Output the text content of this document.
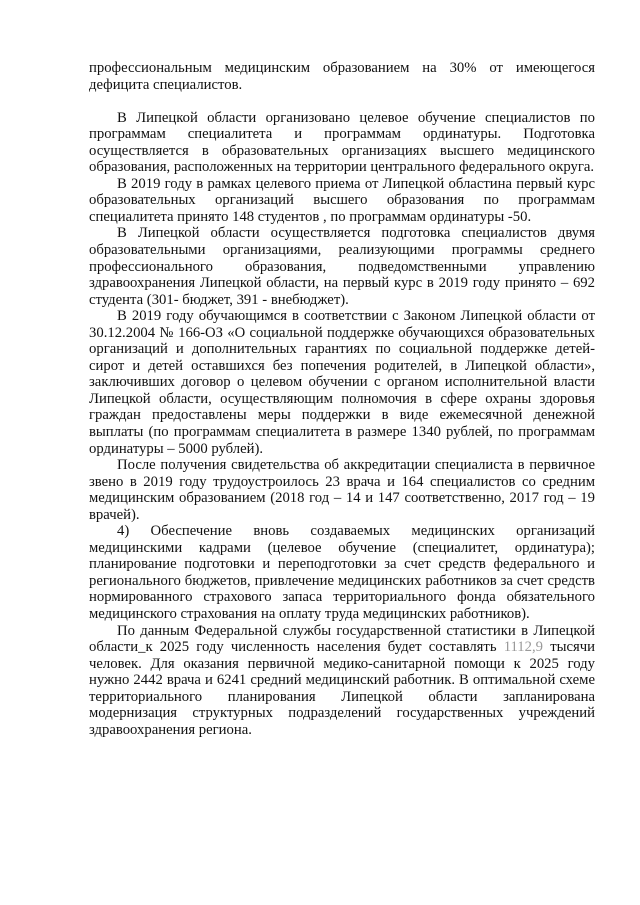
профессиональным медицинским образованием на 30% от имеющегося дефицита специалистов.

В Липецкой области организовано целевое обучение специалистов по программам специалитета и программам ординатуры. Подготовка осуществляется в образовательных организациях высшего медицинского образования, расположенных на территории центрального федерального округа.

В 2019 году в рамках целевого приема от Липецкой областина первый курс образовательных организаций высшего образования по программам специалитета принято 148 студентов , по программам ординатуры -50.

В Липецкой области осуществляется подготовка специалистов двумя образовательными организациями, реализующими программы среднего профессионального образования, подведомственными управлению здравоохранения Липецкой области, на первый курс в 2019 году принято – 692 студента (301- бюджет, 391 - внебюджет).

В 2019 году обучающимся в соответствии с Законом Липецкой области от 30.12.2004 № 166-ОЗ «О социальной поддержке обучающихся образовательных организаций и дополнительных гарантиях по социальной поддержке детей-сирот и детей оставшихся без попечения родителей, в Липецкой области», заключивших договор о целевом обучении с органом исполнительной власти Липецкой области, осуществляющим полномочия в сфере охраны здоровья граждан предоставлены меры поддержки в виде ежемесячной денежной выплаты (по программам специалитета в размере 1340 рублей, по программам ординатуры – 5000 рублей).

После получения свидетельства об аккредитации специалиста в первичное звено в 2019 году трудоустроилось 23 врача и 164 специалистов со средним медицинским образованием (2018 год – 14 и 147 соответственно, 2017 год – 19 врачей).

4) Обеспечение вновь создаваемых медицинских организаций медицинскими кадрами (целевое обучение (специалитет, ординатура); планирование подготовки и переподготовки за счет средств федерального и регионального бюджетов, привлечение медицинских работников за счет средств нормированного страхового запаса территориального фонда обязательного медицинского страхования на оплату труда медицинских работников).

По данным Федеральной службы государственной статистики в Липецкой области_к 2025 году численность населения будет составлять 1112,9 тысячи человек. Для оказания первичной медико-санитарной помощи к 2025 году нужно 2442 врача и 6241 средний медицинский работник. В оптимальной схеме территориального планирования Липецкой области запланирована модернизация структурных подразделений государственных учреждений здравоохранения региона.
